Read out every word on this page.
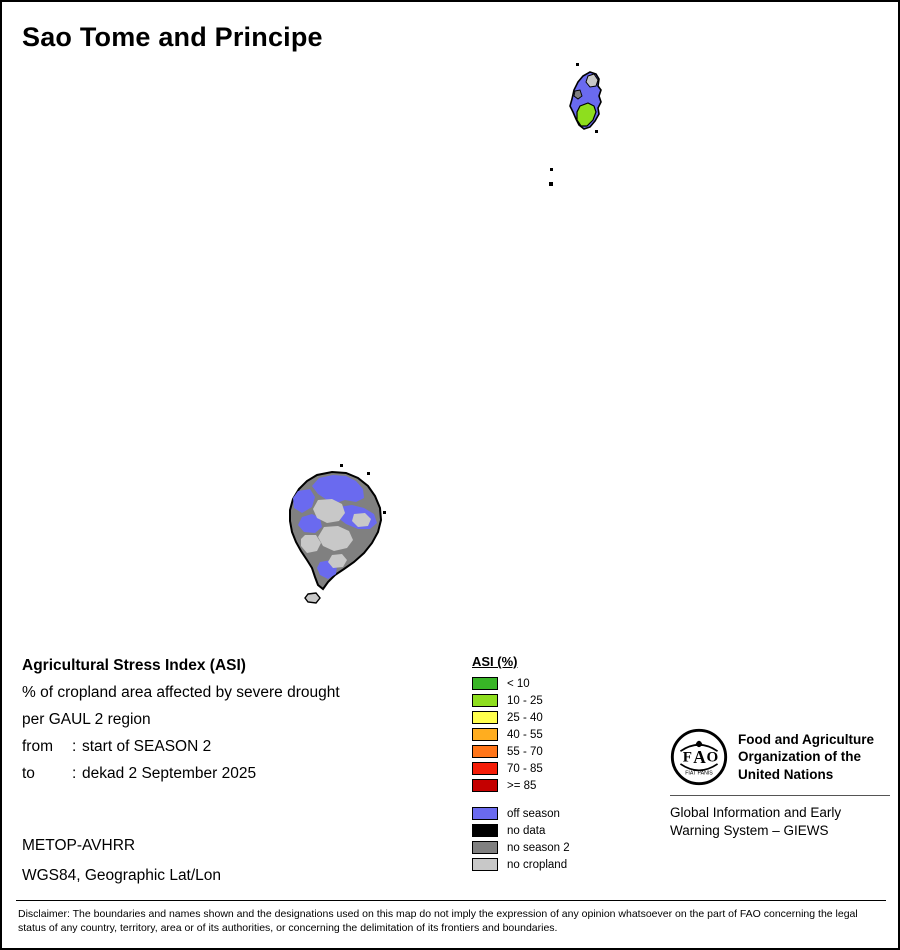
Sao Tome and Principe
Agricultural Stress Index (ASI)
% of cropland area affected by severe drought
per GAUL 2 region
from	: start of SEASON 2
to	: dekad 2 September 2025
METOP-AVHRR
WGS84, Geographic Lat/Lon
ASI (%)
< 10
10 - 25
25 - 40
40 - 55
55 - 70
70 - 85
>= 85
off season
no data
no season 2
no cropland
F A O
FIAT PANIS
Food and Agriculture
Organization of the
United Nations
Global Information and Early
Warning System – GIEWS
Disclaimer: The boundaries and names shown and the designations used on this map do not imply the expression of any opinion whatsoever on the part of FAO concerning the legal status of any country, territory, area or of its authorities, or concerning the delimitation of its frontiers and boundaries.
